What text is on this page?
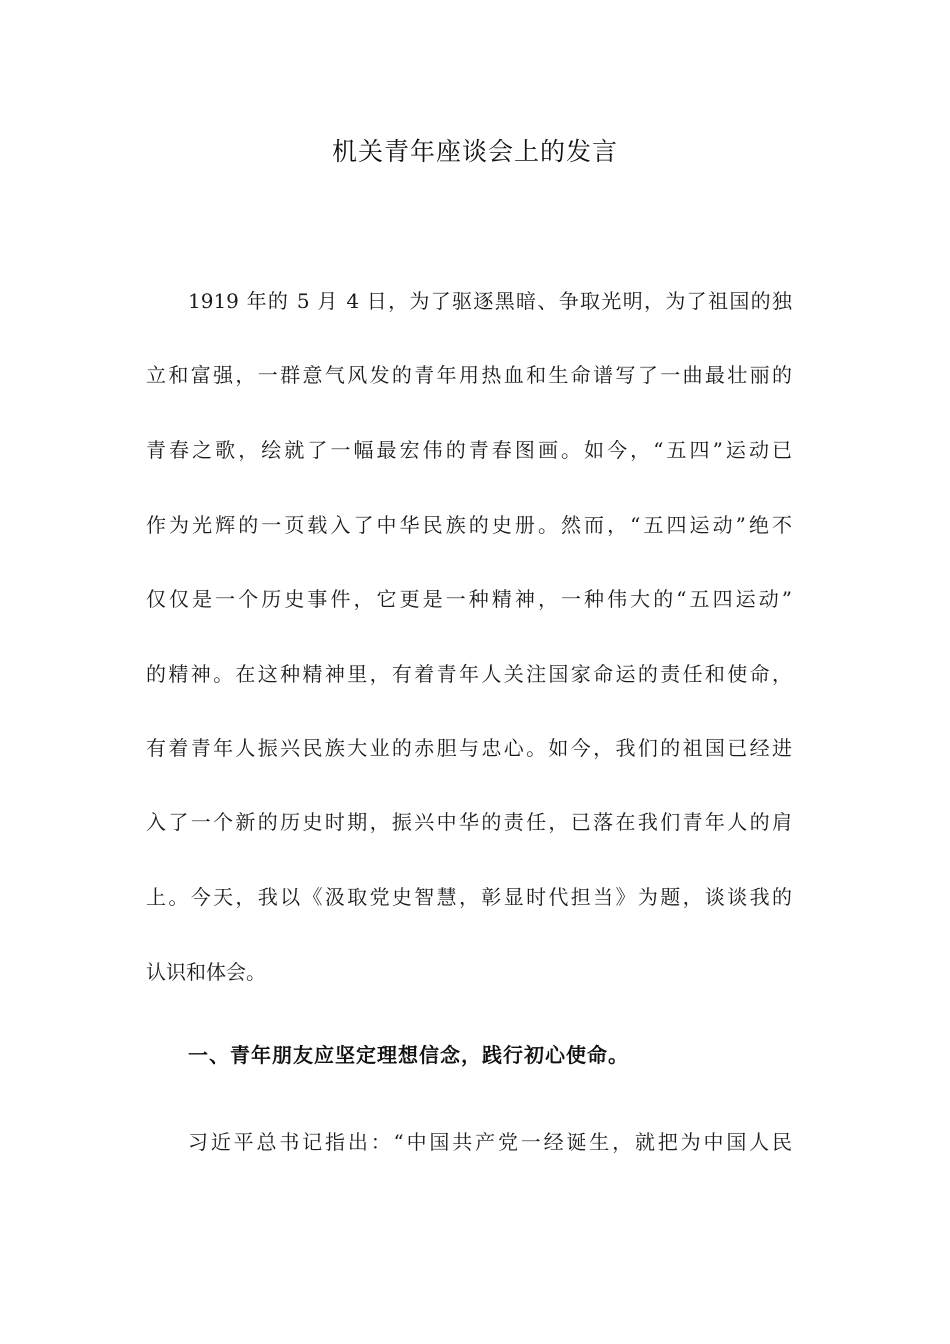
机关青年座谈会上的发言
1919 年的 5 月 4 日，为了驱逐黑暗、争取光明，为了祖国的独
立和富强，一群意气风发的青年用热血和生命谱写了一曲最壮丽的
青春之歌，绘就了一幅最宏伟的青春图画。如今，“五四”运动已
作为光辉的一页载入了中华民族的史册。然而，“五四运动”绝不
仅仅是一个历史事件，它更是一种精神，一种伟大的“五四运动”
的精神。在这种精神里，有着青年人关注国家命运的责任和使命，
有着青年人振兴民族大业的赤胆与忠心。如今，我们的祖国已经进
入了一个新的历史时期，振兴中华的责任，已落在我们青年人的肩
上。今天，我以《汲取党史智慧，彰显时代担当》为题，谈谈我的
认识和体会。
一、青年朋友应坚定理想信念，践行初心使命。
习近平总书记指出：“中国共产党一经诞生，就把为中国人民
